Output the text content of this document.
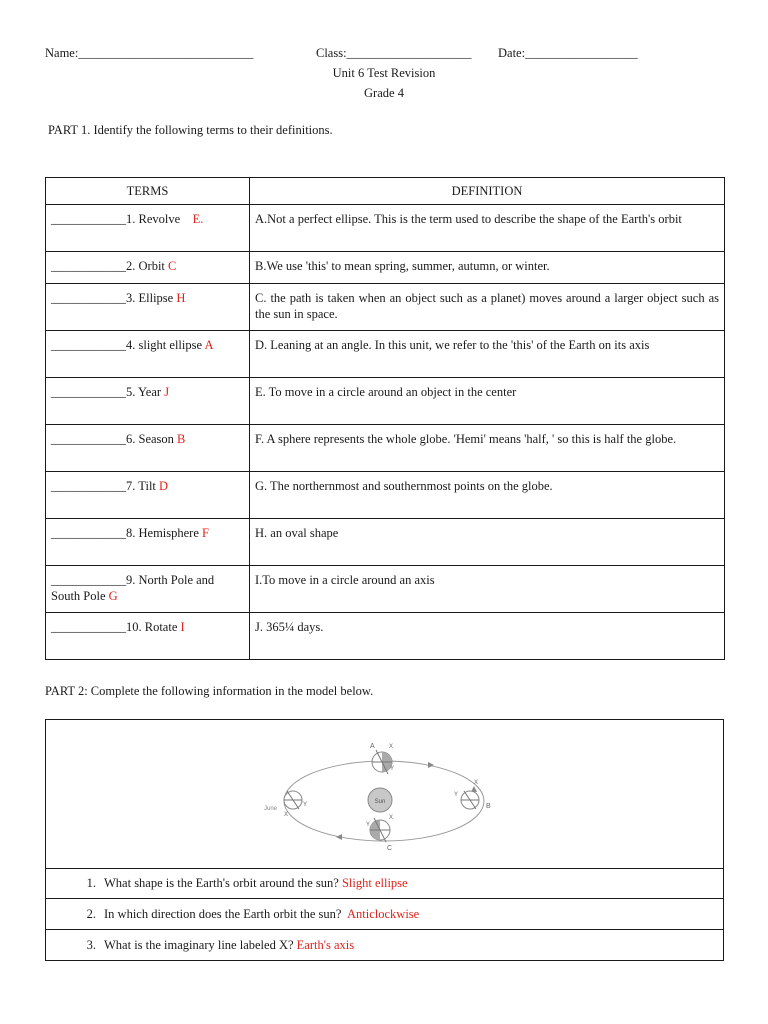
Name:____________________________	Class:____________________ Date:__________________
Unit 6 Test Revision
Grade 4
PART 1. Identify the following terms to their definitions.
TERMS	DEFINITION
____________1. Revolve E.	A.Not a perfect ellipse. This is the term used to describe the shape of the Earth's orbit
____________2. Orbit C	B.We use 'this' to mean spring, summer, autumn, or winter.
____________3. Ellipse H	C. the path is taken when an object such as a planet) moves around a larger object such as the sun in space.
____________4. slight ellipse A	D. Leaning at an angle. In this unit, we refer to the 'this' of the Earth on its axis
____________5. Year J	E. To move in a circle around an object in the center
____________6. Season B	F. A sphere represents the whole globe. 'Hemi' means 'half, ' so this is half the globe.
____________7. Tilt D	G. The northernmost and southernmost points on the globe.
____________8. Hemisphere F	H. an oval shape
____________9. North Pole and South Pole G	I.To move in a circle around an axis
____________10. Rotate I	J. 365¼ days.
PART 2: Complete the following information in the model below.
Sun
A X
Y
C
Y
X
June
X
Y	B
X
Y
1. What shape is the Earth's orbit around the sun? Slight ellipse
2. In which direction does the Earth orbit the sun? Anticlockwise
3. What is the imaginary line labeled X? Earth's axis
